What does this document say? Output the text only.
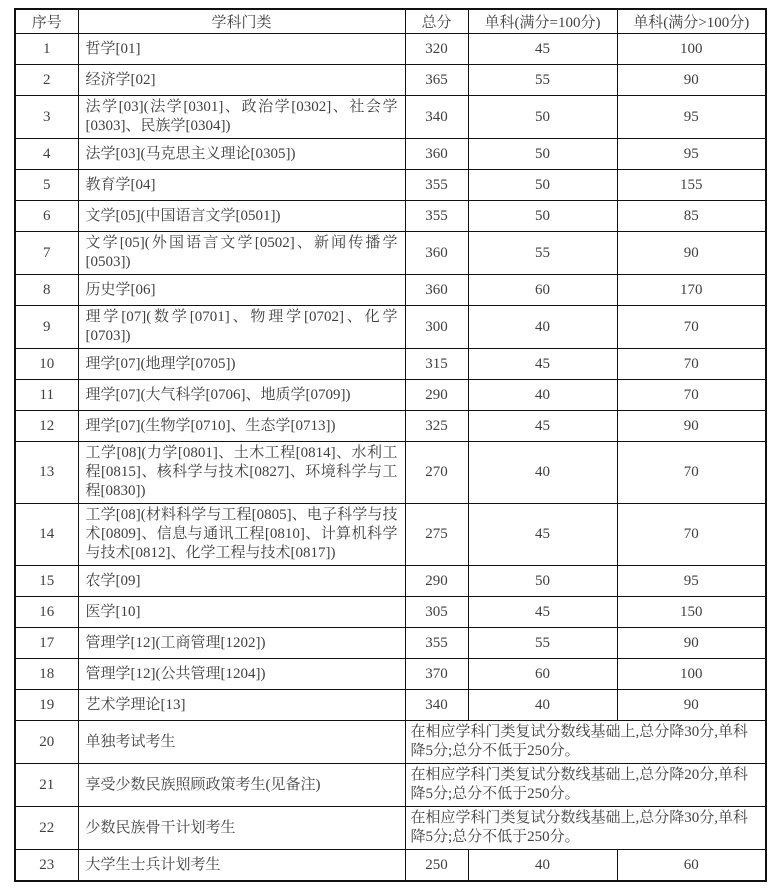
序号	学科门类	总分	单科(满分=100分)	单科(满分>100分)
1	哲学[01]	320	45	100
2	经济学[02]	365	55	90
3	法学[03](法学[0301]、政治学[0302]、社会学[0303]、民族学[0304])	340	50	95
4	法学[03](马克思主义理论[0305])	360	50	95
5	教育学[04]	355	50	155
6	文学[05](中国语言文学[0501])	355	50	85
7	文学[05](外国语言文学[0502]、新闻传播学[0503])	360	55	90
8	历史学[06]	360	60	170
9	理学[07](数学[0701]、物理学[0702]、化学[0703])	300	40	70
10	理学[07](地理学[0705])	315	45	70
11	理学[07](大气科学[0706]、地质学[0709])	290	40	70
12	理学[07](生物学[0710]、生态学[0713])	325	45	90
13	工学[08](力学[0801]、土木工程[0814]、水利工程[0815]、核科学与技术[0827]、环境科学与工程[0830])	270	40	70
14	工学[08](材料科学与工程[0805]、电子科学与技术[0809]、信息与通讯工程[0810]、计算机科学与技术[0812]、化学工程与技术[0817])	275	45	70
15	农学[09]	290	50	95
16	医学[10]	305	45	150
17	管理学[12](工商管理[1202])	355	55	90
18	管理学[12](公共管理[1204])	370	60	100
19	艺术学理论[13]	340	40	90
20	单独考试考生	在相应学科门类复试分数线基础上,总分降30分,单科降5分;总分不低于250分。		
21	享受少数民族照顾政策考生(见备注)	在相应学科门类复试分数线基础上,总分降20分,单科降5分;总分不低于250分。		
22	少数民族骨干计划考生	在相应学科门类复试分数线基础上,总分降30分,单科降5分;总分不低于250分。		
23	大学生士兵计划考生	250	40	60
